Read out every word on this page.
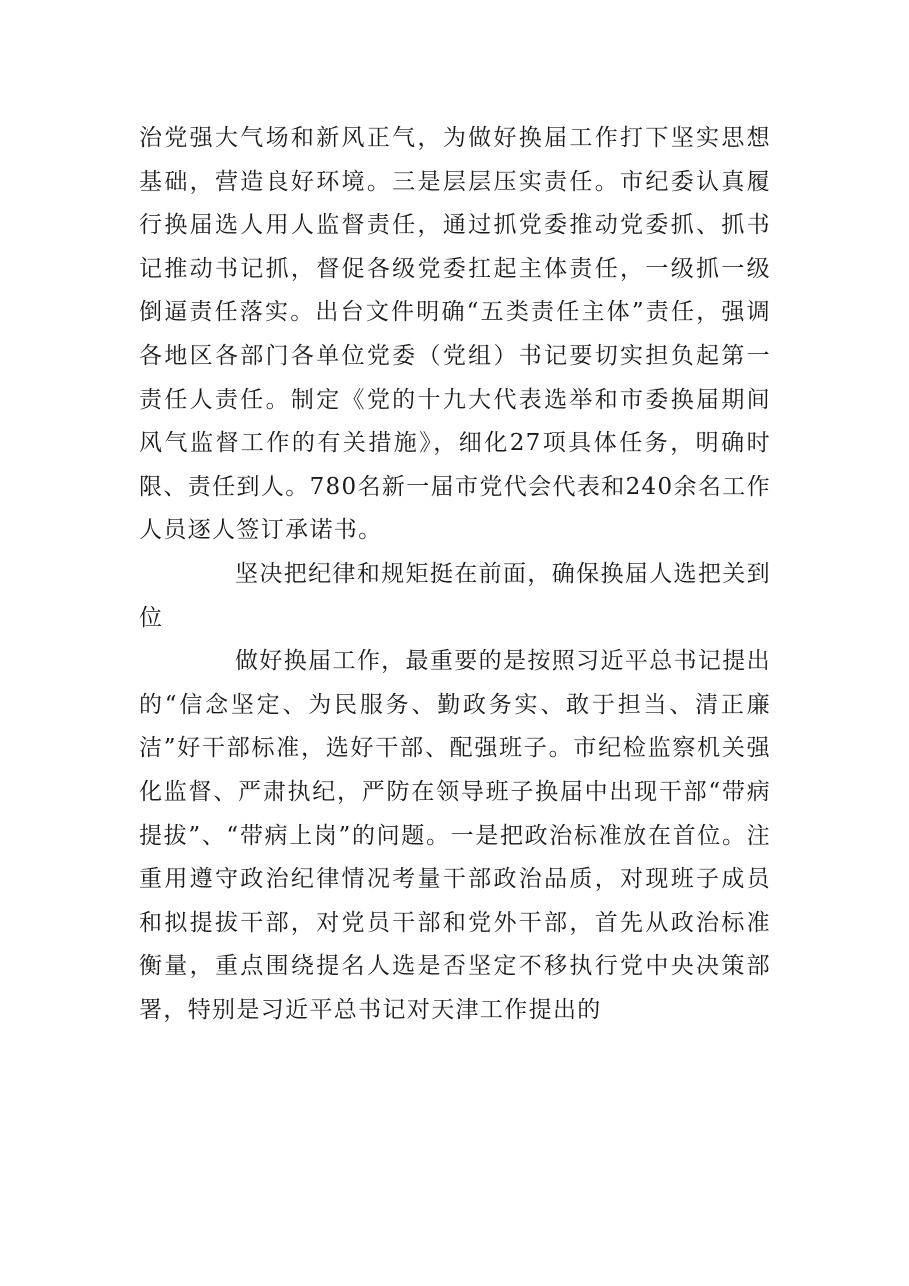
治党强大气场和新风正气，为做好换届工作打下坚实思想基础，营造良好环境。三是层层压实责任。市纪委认真履行换届选人用人监督责任，通过抓党委推动党委抓、抓书记推动书记抓，督促各级党委扛起主体责任，一级抓一级倒逼责任落实。出台文件明确“五类责任主体”责任，强调各地区各部门各单位党委（党组）书记要切实担负起第一责任人责任。制定《党的十九大代表选举和市委换届期间风气监督工作的有关措施》，细化27项具体任务，明确时限、责任到人。780名新一届市党代会代表和240余名工作人员逐人签订承诺书。

坚决把纪律和规矩挺在前面，确保换届人选把关到位

做好换届工作，最重要的是按照习近平总书记提出的“信念坚定、为民服务、勤政务实、敢于担当、清正廉洁”好干部标准，选好干部、配强班子。市纪检监察机关强化监督、严肃执纪，严防在领导班子换届中出现干部“带病提拔”、“带病上岗”的问题。一是把政治标准放在首位。注重用遵守政治纪律情况考量干部政治品质，对现班子成员和拟提拔干部，对党员干部和党外干部，首先从政治标准衡量，重点围绕提名人选是否坚定不移执行党中央决策部署，特别是习近平总书记对天津工作提出的
